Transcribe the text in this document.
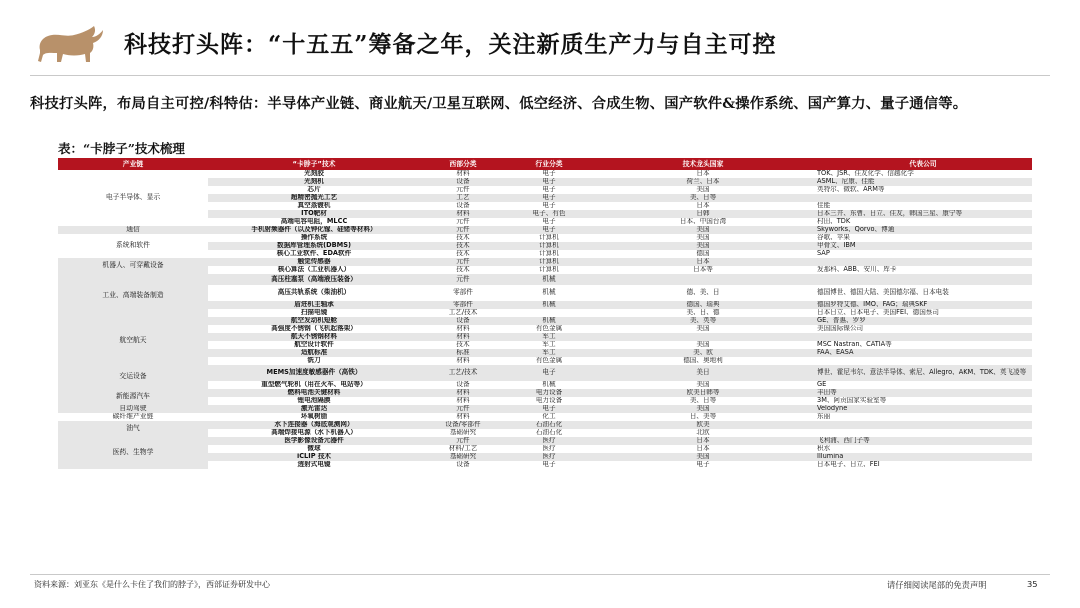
科技打头阵：“十五五”筹备之年，关注新质生产力与自主可控
科技打头阵，布局自主可控/科特估：半导体产业链、商业航天/卫星互联网、低空经济、合成生物、国产软件&操作系统、国产算力、量子通信等。
表：“卡脖子”技术梳理
产业链	“卡脖子”技术	西部分类	行业分类	技术龙头国家	代表公司
电子半导体、显示	光刻胶	材料	电子	日本	TOK、JSR、住友化学、信越化学
	光刻机	设备	电子	荷兰、日本	ASML、尼康、佳能
	芯片	元件	电子	美国	英特尔、微软、ARM等
	超精密抛光工艺	工艺	电子	美、日等	
	真空蒸镀机	设备	电子	日本	佳能
	ITO靶材	材料	电子、有色	日韩	日本三井、东曹、日立、住友，韩国三星、康宁等
	高端电容电阻，MLCC	元件	电子	日本、中国台湾	村田、TDK
通信	手机射频器件（以及钟化镓、硅锗等材料）	元件	电子	美国	Skyworks、Qorvo、博通
系统和软件	操作系统	技术	计算机	美国	谷歌、苹果
	数据库管理系统(DBMS)	技术	计算机	美国	甲骨文、IBM
	核心工业软件、EDA软件	技术	计算机	德国	SAP
机器人、可穿戴设备	触觉传感器	元件	计算机	日本	
	核心算法（工业机器人）	技术	计算机	日本等	发那科、ABB、安川、库卡
工业、高端装备制造	高压柱塞泵（高端液压装备）	元件	机械		
	高压共轨系统（柴油机）	零部件	机械	德、美、日	德国博世、德国大陆、美国德尔福、日本电装
	盾进机主轴承	零部件	机械	德国、瑞典	德国罗特艾德、IMO、FAG；瑞典SKF
	扫描电镜	工艺/技术		美、日、德	日本日立、日本电子、美国FEI、德国蔡司
航空航天	航空发动机短舱	设备	机械	美、英等	GE、普惠、罗罗
	高强度不锈钢（飞机起落架）	材料	有色金属	美国	美国国际镍公司
	航天不锈钢材料	材料	军工		
	航空设计软件	技术	军工	美国	MSC Nastran、CATIA等
	适航标准	标准	军工	美、欧	FAA、EASA
	铣刀	材料	有色金属	德国、奥地利	
交运设备	MEMS加速度敏感器件（高铁）	工艺/技术	电子	美日	博世、霍尼韦尔、意法半导体、索尼、Allegro、AKM、TDK、英飞凌等
	重型燃气轮机（用在火车、电站等）	设备	机械	美国	GE
新能源汽车	燃料电池关键材料	材料	电力设备	欧美日韩等	丰田等
	锂电池隔膜	材料	电力设备	美、日等	3M、阿贡国家实验室等
自动驾驶	激光雷达	元件	电子	美国	Velodyne
碳纤维产业链	环氧树脂	材料	化工	日、美等	东丽
油气	水下连接器（海底观测网）	设备/零部件	石油石化	欧美	
	高端焊接电源（水下机器人）	基础研究	石油石化	北欧	
医药、生物学	医学影像设备元器件	元件	医疗	日本	飞利浦、西门子等
	微球	材料/工艺	医疗	日本	积水
	iCLIP 技术	基础研究	医疗	美国	Illumina
	透射式电镜	设备	电子	电子	日本电子、日立、FEI
资料来源：刘亚东《是什么卡住了我们的脖子》，西部证券研发中心	请仔细阅读尾部的免责声明	35
